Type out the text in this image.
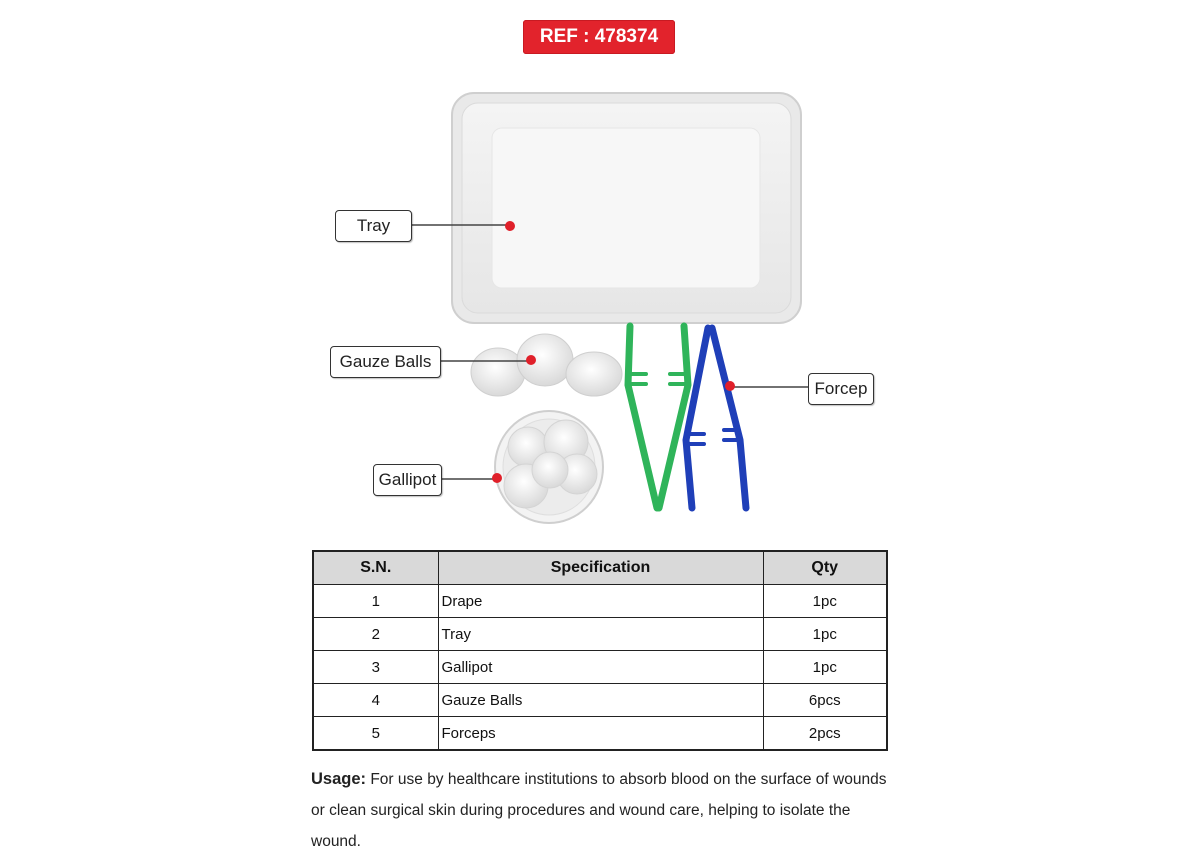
REF : 478374
Tray
Gauze Balls
Gallipot
Forcep
S.N.	Specification	Qty
1	Drape	1pc
2	Tray	1pc
3	Gallipot	1pc
4	Gauze Balls	6pcs
5	Forceps	2pcs
Usage: For use by healthcare institutions to absorb blood on the surface of wounds or clean surgical skin during procedures and wound care, helping to isolate the wound.
